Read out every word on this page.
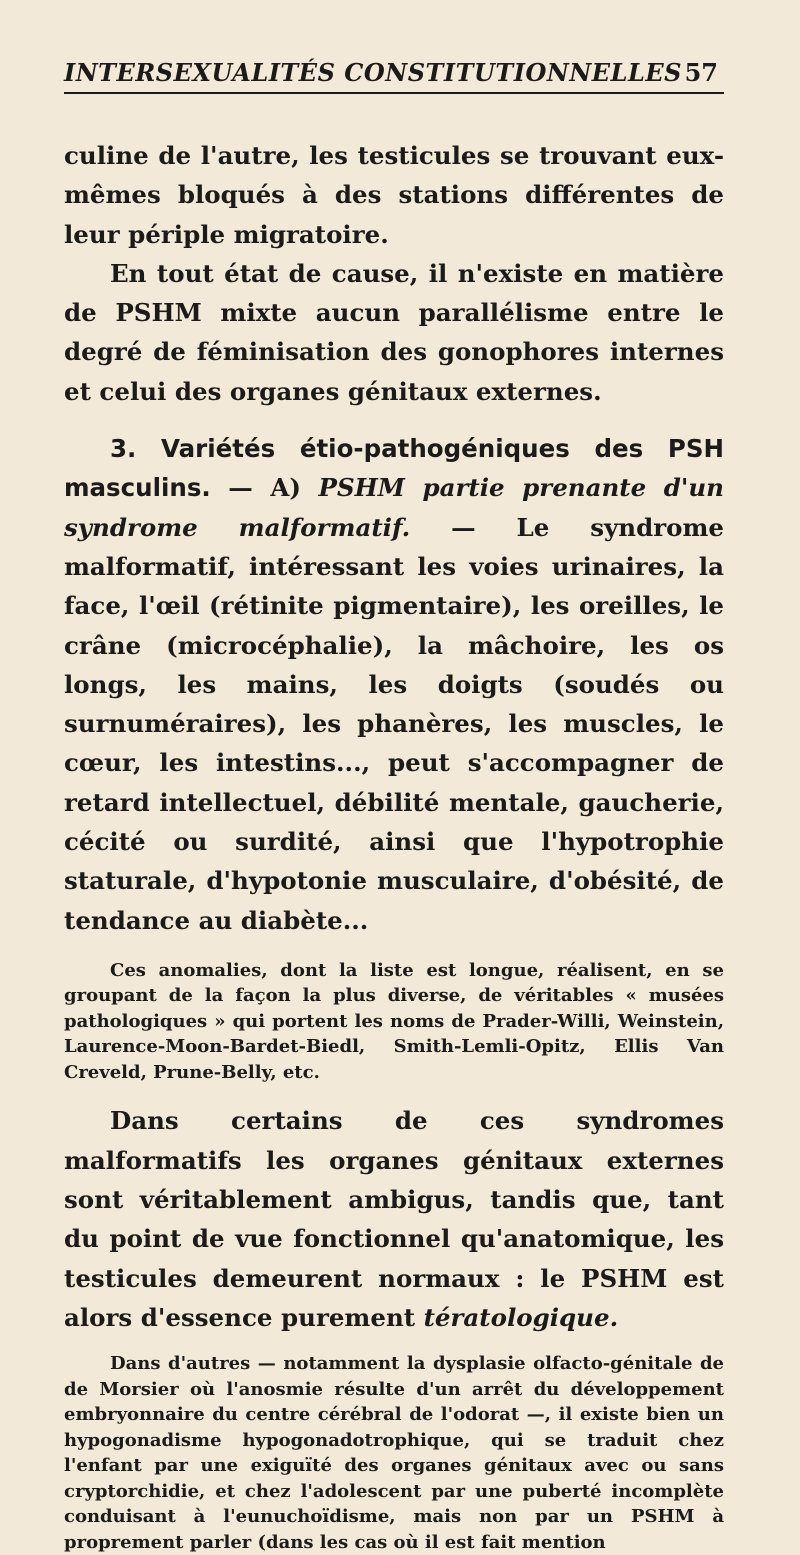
INTERSEXUALITÉS CONSTITUTIONNELLES 57

culine de l'autre, les testicules se trouvant eux-mêmes bloqués à des stations différentes de leur périple migratoire.

En tout état de cause, il n'existe en matière de PSHM mixte aucun parallélisme entre le degré de féminisation des gonophores internes et celui des organes génitaux externes.

3. Variétés étio-pathogéniques des PSH masculins. — A) PSHM partie prenante d'un syndrome malformatif. — Le syndrome malformatif, intéressant les voies urinaires, la face, l'œil (rétinite pigmentaire), les oreilles, le crâne (microcéphalie), la mâchoire, les os longs, les mains, les doigts (soudés ou surnuméraires), les phanères, les muscles, le cœur, les intestins..., peut s'accompagner de retard intellectuel, débilité mentale, gaucherie, cécité ou surdité, ainsi que l'hypotrophie staturale, d'hypotonie musculaire, d'obésité, de tendance au diabète...

Ces anomalies, dont la liste est longue, réalisent, en se groupant de la façon la plus diverse, de véritables « musées pathologiques » qui portent les noms de Prader-Willi, Weinstein, Laurence-Moon-Bardet-Biedl, Smith-Lemli-Opitz, Ellis Van Creveld, Prune-Belly, etc.

Dans certains de ces syndromes malformatifs les organes génitaux externes sont véritablement ambigus, tandis que, tant du point de vue fonctionnel qu'anatomique, les testicules demeurent normaux : le PSHM est alors d'essence purement tératologique.

Dans d'autres — notamment la dysplasie olfacto-génitale de de Morsier où l'anosmie résulte d'un arrêt du développement embryonnaire du centre cérébral de l'odorat —, il existe bien un hypogonadisme hypogonadotrophique, qui se traduit chez l'enfant par une exiguïté des organes génitaux avec ou sans cryptorchidie, et chez l'adolescent par une puberté incomplète conduisant à l'eunuchoïdisme, mais non par un PSHM à proprement parler (dans les cas où il est fait mention
